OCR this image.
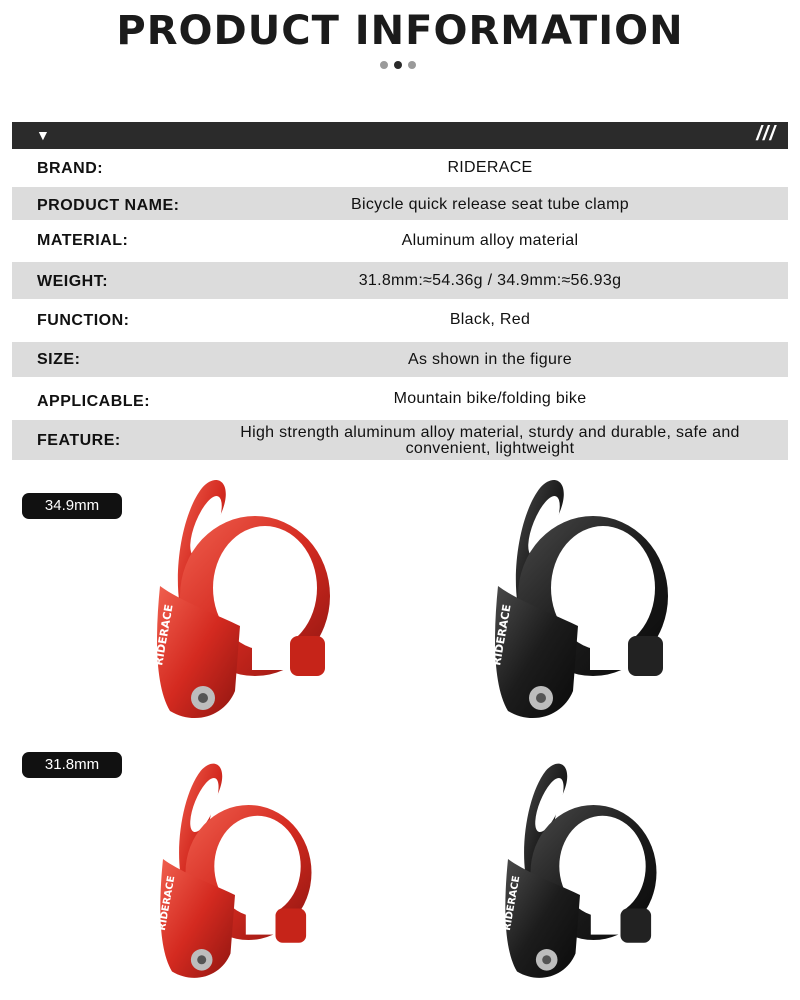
PRODUCT INFORMATION
▼	///
BRAND:	RIDERACE
PRODUCT NAME:	Bicycle quick release seat tube clamp
MATERIAL:	Aluminum alloy material
WEIGHT:	31.8mm:≈54.36g / 34.9mm:≈56.93g
FUNCTION:	Black, Red
SIZE:	As shown in the figure
APPLICABLE:	Mountain bike/folding bike
FEATURE:	High strength aluminum alloy material, sturdy and durable, safe and convenient, lightweight
34.9mm
31.8mm
RIDERACE	RIDERACE
RIDERACE	RIDERACE
